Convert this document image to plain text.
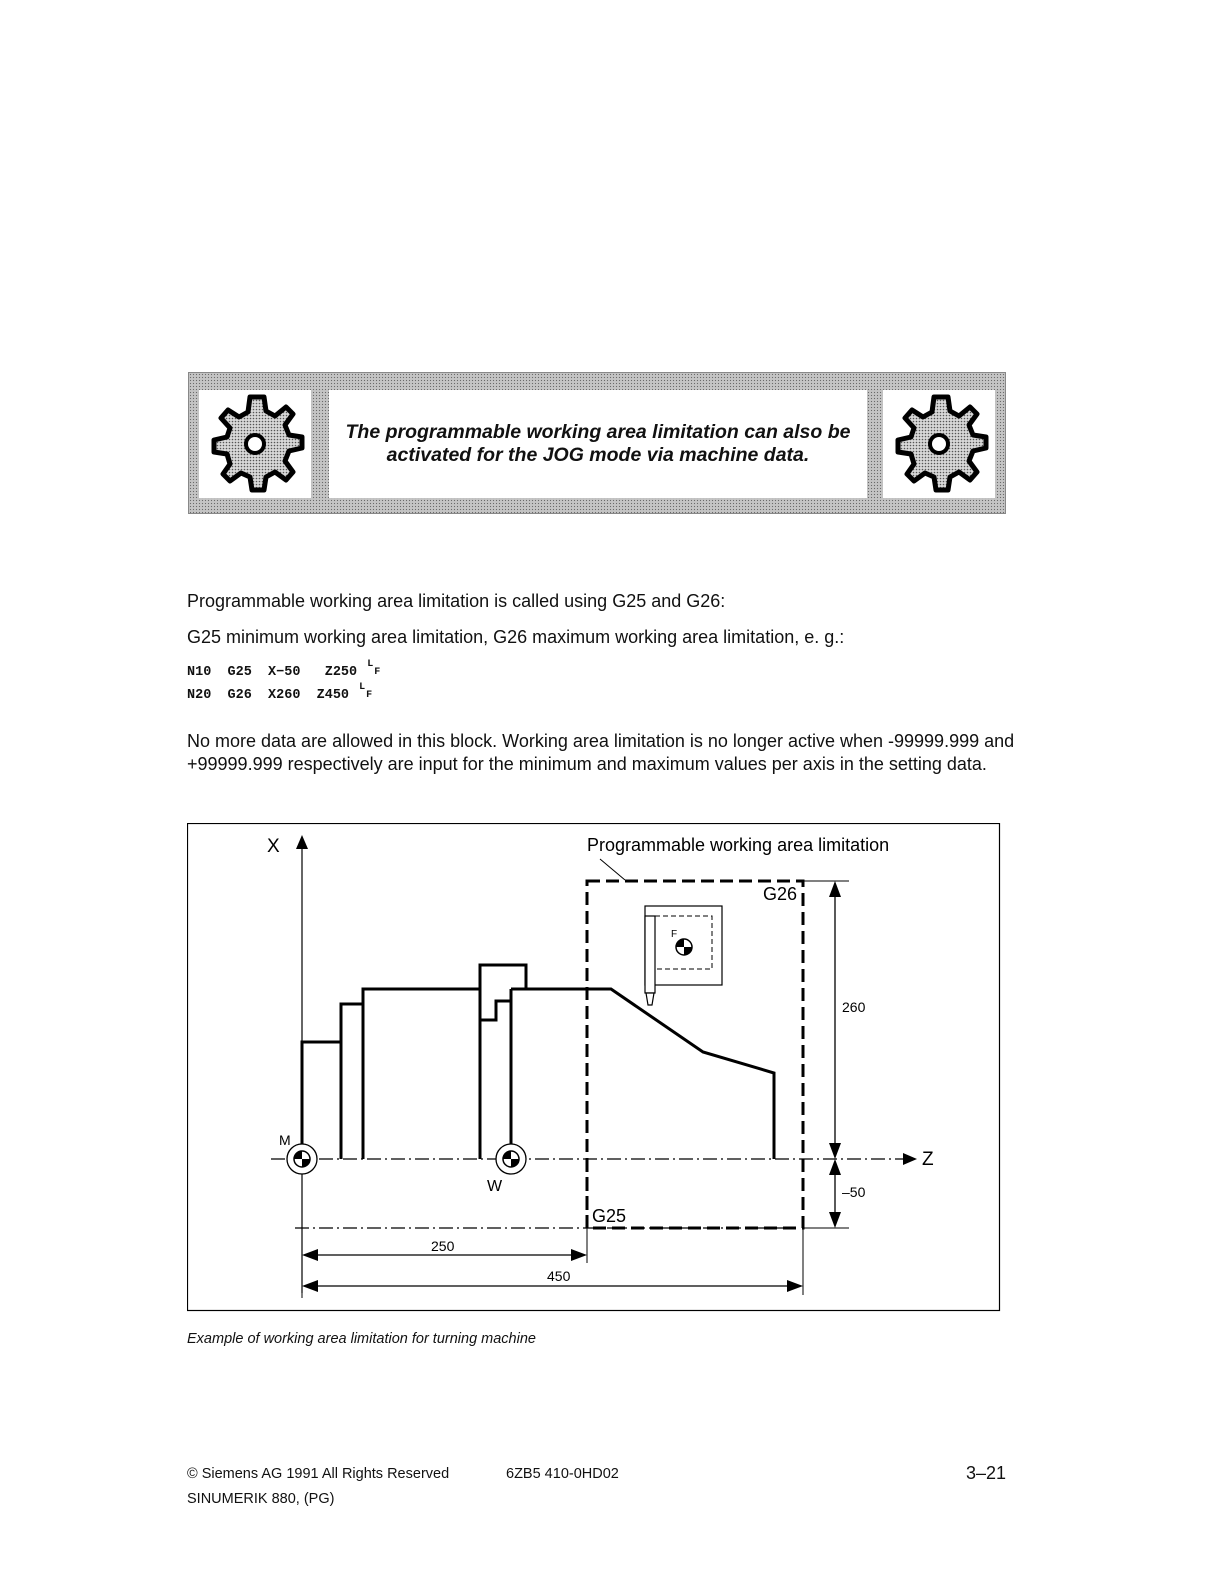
The programmable working area limitation can also be activated for the JOG mode via machine data.

Programmable working area limitation is called using G25 and G26:

G25 minimum working area limitation, G26 maximum working area limitation, e. g.:

N10  G25  X−50   Z250
L
F
N20  G26  X260  Z450
L
F

No more data are allowed in this block. Working area limitation is no longer active when -99999.999 and +99999.999 respectively are input for the minimum and maximum values per axis in the setting data.

X
Z
Programmable working area limitation
G26
G25
F
M
W
260
–50
250
450

Example of working area limitation for turning machine

© Siemens AG 1991 All Rights Reserved	6ZB5 410-0HD02	3–21
SINUMERIK 880, (PG)
